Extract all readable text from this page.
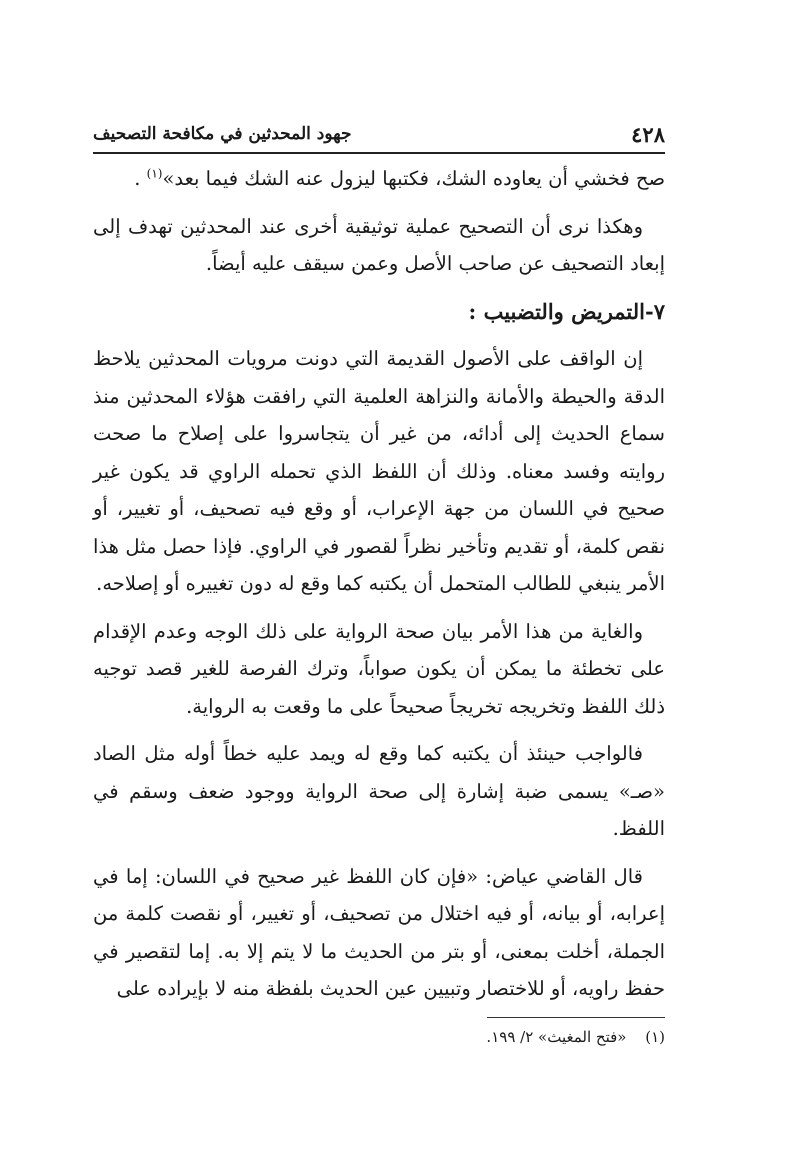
٤٢٨
جهود المحدثين في مكافحة التصحيف

صح فخشي أن يعاوده الشك، فكتبها ليزول عنه الشك فيما بعد»$^{(١)}$ .

وهكذا نرى أن التصحيح عملية توثيقية أخرى عند المحدثين تهدف إلى إبعاد التصحيف عن صاحب الأصل وعمن سيقف عليه أيضاً.

٧-التمريض والتضبيب :

إن الواقف على الأصول القديمة التي دونت مرويات المحدثين يلاحظ الدقة والحيطة والأمانة والنزاهة العلمية التي رافقت هؤلاء المحدثين منذ سماع الحديث إلى أدائه، من غير أن يتجاسروا على إصلاح ما صحت روايته وفسد معناه. وذلك أن اللفظ الذي تحمله الراوي قد يكون غير صحيح في اللسان من جهة الإعراب، أو وقع فيه تصحيف، أو تغيير، أو نقص كلمة، أو تقديم وتأخير نظراً لقصور في الراوي. فإذا حصل مثل هذا الأمر ينبغي للطالب المتحمل أن يكتبه كما وقع له دون تغييره أو إصلاحه.

والغاية من هذا الأمر بيان صحة الرواية على ذلك الوجه وعدم الإقدام على تخطئة ما يمكن أن يكون صواباً، وترك الفرصة للغير قصد توجيه ذلك اللفظ وتخريجه تخريجاً صحيحاً على ما وقعت به الرواية.

فالواجب حينئذ أن يكتبه كما وقع له ويمد عليه خطاً أوله مثل الصاد «صـ» يسمى ضبة إشارة إلى صحة الرواية ووجود ضعف وسقم في اللفظ.

قال القاضي عياض: «فإن كان اللفظ غير صحيح في اللسان: إما في إعرابه، أو بيانه، أو فيه اختلال من تصحيف، أو تغيير، أو نقصت كلمة من الجملة، أخلت بمعنى، أو بتر من الحديث ما لا يتم إلا به. إما لتقصير في حفظ راويه، أو للاختصار وتبيين عين الحديث بلفظة منه لا بإيراده على

(١) «فتح المغيث» ٢/ ١٩٩.
